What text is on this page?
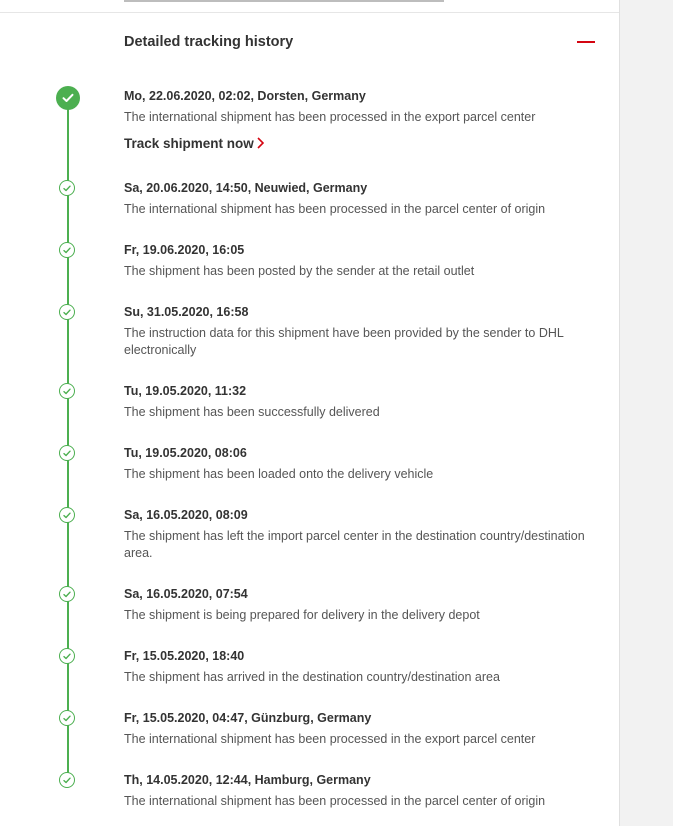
Detailed tracking history
Mo, 22.06.2020, 02:02, Dorsten, Germany
The international shipment has been processed in the export parcel center
Track shipment now
Sa, 20.06.2020, 14:50, Neuwied, Germany
The international shipment has been processed in the parcel center of origin
Fr, 19.06.2020, 16:05
The shipment has been posted by the sender at the retail outlet
Su, 31.05.2020, 16:58
The instruction data for this shipment have been provided by the sender to DHL electronically
Tu, 19.05.2020, 11:32
The shipment has been successfully delivered
Tu, 19.05.2020, 08:06
The shipment has been loaded onto the delivery vehicle
Sa, 16.05.2020, 08:09
The shipment has left the import parcel center in the destination country/destination area.
Sa, 16.05.2020, 07:54
The shipment is being prepared for delivery in the delivery depot
Fr, 15.05.2020, 18:40
The shipment has arrived in the destination country/destination area
Fr, 15.05.2020, 04:47, Günzburg, Germany
The international shipment has been processed in the export parcel center
Th, 14.05.2020, 12:44, Hamburg, Germany
The international shipment has been processed in the parcel center of origin
